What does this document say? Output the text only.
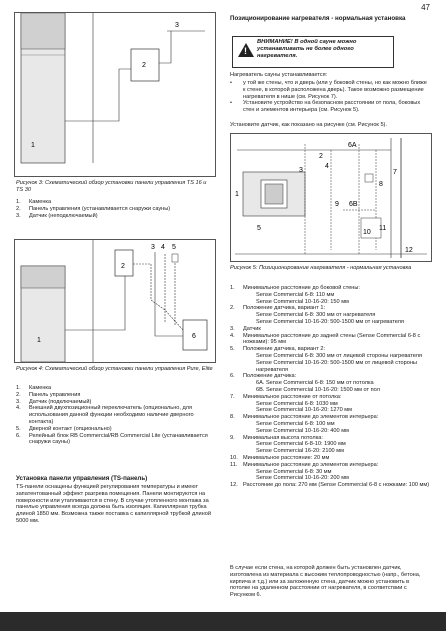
47
1
2
3
Рисунок 3: Схематический обзор установки панели управления TS 16 и TS 30
1.	Каменка
2.	Панель управления (устанавливается снаружи сауны)
3.	Датчик (неподключаемый)
1
2
3 4 5
6
Рисунок 4: Схематический обзор установки панели управления Pure, Elite
1.	Каменка
2.	Панель управления
3.	Датчик (подключаемый)
4.	Внешний двухпозиционный переключатель (опционально, для использования данной функции необходимо наличие дверного контакта)
5.	Дверной контакт (опционально)
6.	Релейный блок RB Commercial/RB Commercial Lite (устанавливается снаружи сауны)
Установка панели управления (TS-панель)
TS-панели оснащены функцией регулирования температуры и имеют запатентованный эффект разгрева помещения. Панели монтируются на поверхности или утапливаются в стену. В случае утопленного монтажа за панелью управления всегда должна быть изоляция. Капиллярная трубка длиной 1850 мм. Возможна также поставка с капиллярной трубкой длиной 5000 мм.
Позиционирование нагревателя - нормальная установка
!
ВНИМАНИЕ! В одной сауне можно устанавливать не более одного нагревателя.
Нагреватель сауны устанавливается:
•	у той же стены, что и дверь (или у боковой стены, но как можно ближе к стене, в которой расположена дверь). Такое возможно размещение нагревателя в нише (см. Рисунок 7).
•	Установите устройство на безопасном расстоянии от пола, боковых стен и элементов интерьера (см. Рисунок 5).
Установите датчик, как показано на рисунке (см. Рисунок 5).
1
2
3
4
5
6A
6B
7
8
9
10
11
12
Рисунок 5: Позиционирование нагревателя - нормальная установка
1.	Минимальное расстояние до боковой стены:
Sense Commercial 6-8: 110 мм
Sense Commercial 10-16-20: 150 мм
2.	Положение датчика, вариант 1:
Sense Commercial 6-8: 300 мм от нагревателя
Sense Commercial 10-16-20: 500-1500 мм от нагревателя
3.	Датчик
4.	Минимальное расстояние до задней стены (Sense Commercial 6-8 с ножками): 95 мм
5.	Положение датчика, вариант 2:
Sense Commercial 6-8: 300 мм от лицевой стороны нагревателя
Sense Commercial 10-16-20: 500-1500 мм от лицевой стороны нагревателя
6.	Положение датчика:
6A. Sense Commercial 6-8: 150 мм от потолка
6B. Sense Commercial 10-16-20: 1500 мм от пол
7.	Минимальное расстояние от потолка:
Sense Commercial 6-8: 1030 мм
Sense Commercial 10-16-20: 1270 мм
8.	Минимальное расстояние до элементов интерьера:
Sense Commercial 6-8: 100 мм
Sense Commercial 10-16-20: 400 мм
9.	Минимальная высота потолка:
Sense Commercial 6-8-10: 1900 мм
Sense Commercial 16-20: 2100 мм
10. Минимальное расстояние: 20 мм
11.	Минимальное расстояние до элементов интерьера:
Sense Commercial 6-8: 30 мм
Sense Commercial 10-16-20: 200 мм
12. Расстояние до пола: 270 мм (Sense Commercial 6-8 с ножками: 100 мм)
В случае если стена, на которой должен быть установлен датчик, изготовлена из материала с высоким теплопроводностью (напр., бетона, кирпича и т.д.) или за заложенную стена, датчик можно установить в потолке на удаленном расстоянии от нагревателя, в соответствии с Рисунком 6.
